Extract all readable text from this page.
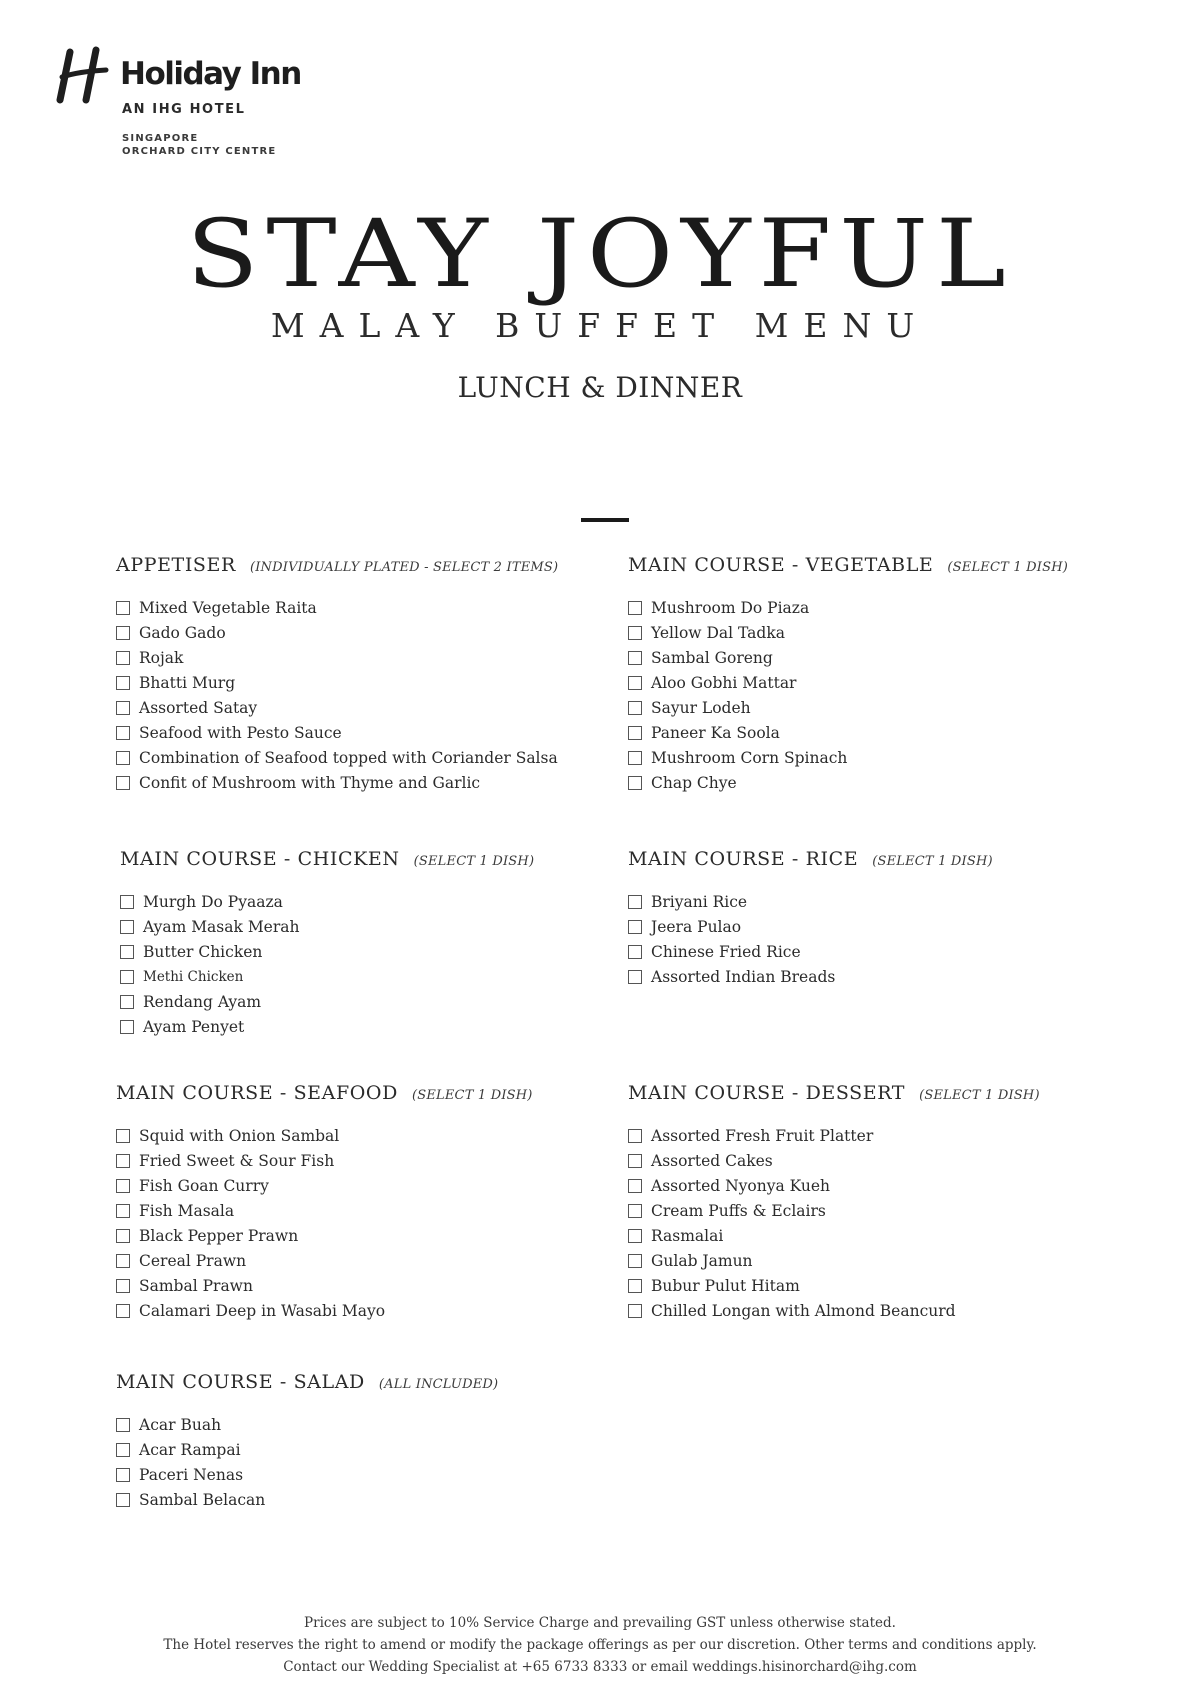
Holiday Inn
AN IHG HOTEL
SINGAPORE
ORCHARD CITY CENTRE
STAY JOYFUL
MALAY BUFFET MENU
LUNCH & DINNER
APPETISER (INDIVIDUALLY PLATED - SELECT 2 ITEMS)
Mixed Vegetable Raita
Gado Gado
Rojak
Bhatti Murg
Assorted Satay
Seafood with Pesto Sauce
Combination of Seafood topped with Coriander Salsa
Confit of Mushroom with Thyme and Garlic
MAIN COURSE - VEGETABLE (SELECT 1 DISH)
Mushroom Do Piaza
Yellow Dal Tadka
Sambal Goreng
Aloo Gobhi Mattar
Sayur Lodeh
Paneer Ka Soola
Mushroom Corn Spinach
Chap Chye
MAIN COURSE - CHICKEN (SELECT 1 DISH)
Murgh Do Pyaaza
Ayam Masak Merah
Butter Chicken
Methi Chicken
Rendang Ayam
Ayam Penyet
MAIN COURSE - RICE (SELECT 1 DISH)
Briyani Rice
Jeera Pulao
Chinese Fried Rice
Assorted Indian Breads
MAIN COURSE - SEAFOOD (SELECT 1 DISH)
Squid with Onion Sambal
Fried Sweet & Sour Fish
Fish Goan Curry
Fish Masala
Black Pepper Prawn
Cereal Prawn
Sambal Prawn
Calamari Deep in Wasabi Mayo
MAIN COURSE - DESSERT (SELECT 1 DISH)
Assorted Fresh Fruit Platter
Assorted Cakes
Assorted Nyonya Kueh
Cream Puffs & Eclairs
Rasmalai
Gulab Jamun
Bubur Pulut Hitam
Chilled Longan with Almond Beancurd
MAIN COURSE - SALAD (ALL INCLUDED)
Acar Buah
Acar Rampai
Paceri Nenas
Sambal Belacan
Prices are subject to 10% Service Charge and prevailing GST unless otherwise stated.
The Hotel reserves the right to amend or modify the package offerings as per our discretion. Other terms and conditions apply.
Contact our Wedding Specialist at +65 6733 8333 or email weddings.hisinorchard@ihg.com
